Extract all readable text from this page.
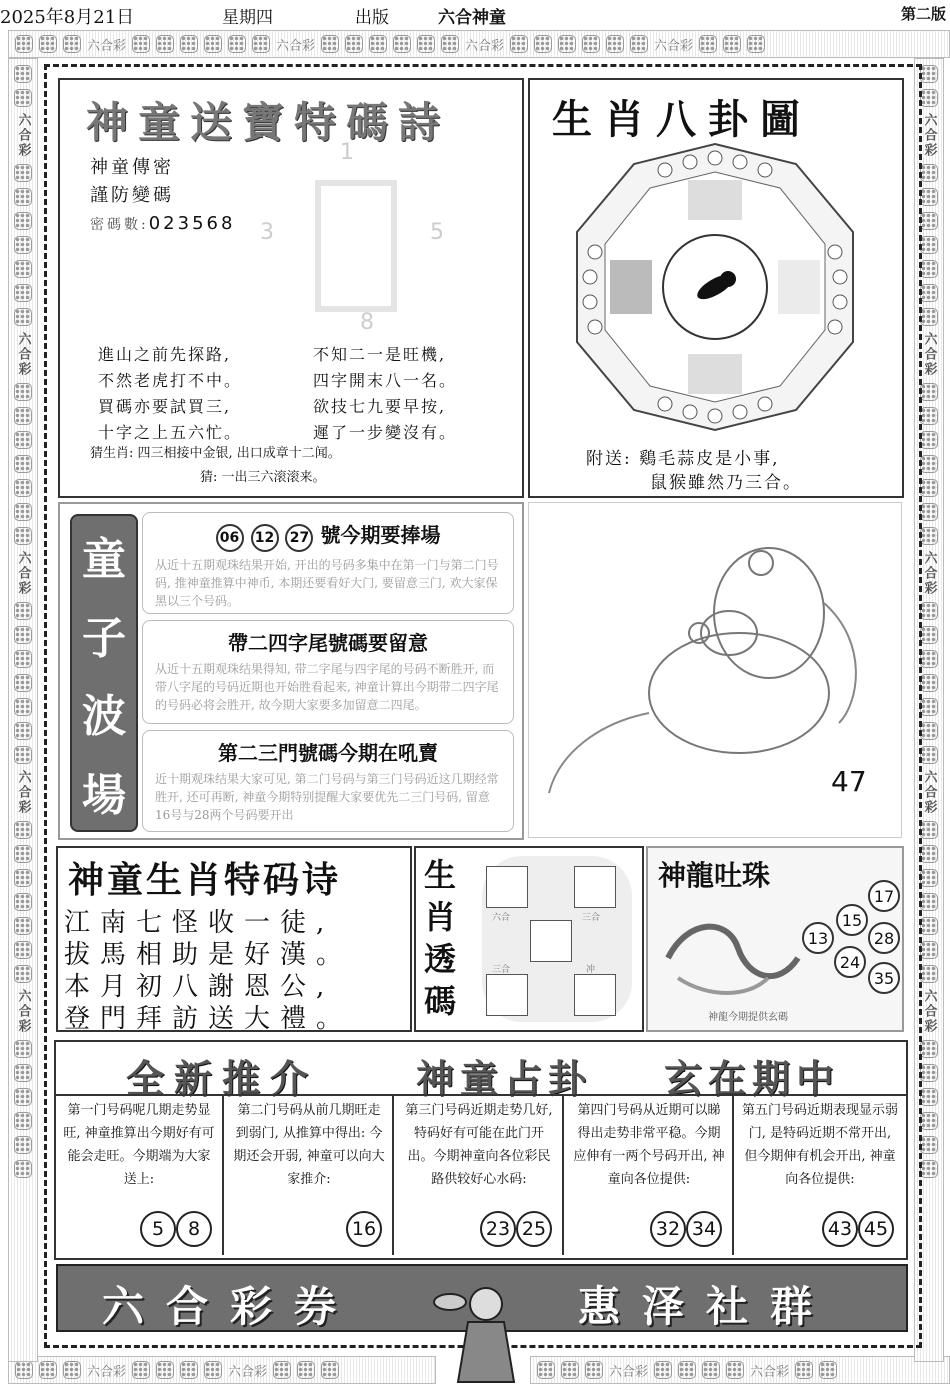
2025年8月21日	星期四	出版	六合神童	第二版
六合彩	六合彩	六合彩	六合彩
六合彩	六合彩	六合彩	六合彩
六合彩
六合彩
六合彩
六合彩
六合彩
六合彩
六合彩
六合彩
六合彩
六合彩
神童送寶特碼詩
神童傳密
謹防變碼
密碼數:023568
1
3	5
8
進山之前先探路,	不知二一是旺機,
不然老虎打不中。	四字開末八一名。
買碼亦要試買三,	欲技七九要早按,
十字之上五六忙。	遲了一步變沒有。
猜生肖: 四三相接中金银, 出口成章十二闻。
猜: 一出三六滚滚来。
生肖八卦圖
附送: 鷄毛蒜皮是小事,
鼠猴雖然乃三合。
童
子
波
場
06 12 27 號今期要捧場
从近十五期观珠结果开始, 开出的号码多集中在第一门与第二门号码, 推神童推算中神币, 本期还要看好大门, 要留意三门, 欢大家保黑以三个号码。
帶二四字尾號碼要留意
从近十五期观珠结果得知, 带二字尾与四字尾的号码不断胜开, 而带八字尾的号码近期也开始胜看起来, 神童计算出今期带二四字尾的号码必将会胜开, 故今期大家要多加留意二四尾。
第二三門號碼今期在吼賣
近十期观珠结果大家可见, 第二门号码与第三门号码近这几期经常胜开, 还可再断, 神童今期特别提醒大家要优先二三门号码, 留意16号与28两个号码要开出
47
神童生肖特码诗
江南七怪收一徒,
拔馬相助是好漢。
本月初八謝恩公,
登門拜訪送大禮。
生
肖
透
碼
六合	三合
三合	冲
神龍吐珠
17
15
28
13
24
35
神龍今期提供玄碼
全新推介	神童占卦 玄在期中
第一门号码呢几期走势显旺, 神童推算出今期好有可能会走旺。今期端为大家送上:
5	8
第二门号码从前几期旺走到弱门, 从推算中得出: 今期还会开弱, 神童可以向大家推介:
16
第三门号码近期走势几好, 特码好有可能在此门开出。今期神童向各位彩民路供较好心水码:
23 25
第四门号码从近期可以睇得出走势非常平稳。今期应伸有一两个号码开出, 神童向各位提供:
32 34
第五门号码近期表现显示弱门, 是特码近期不常开出, 但今期伸有机会开出, 神童向各位提供:
43 45
六合彩券	惠泽社群
